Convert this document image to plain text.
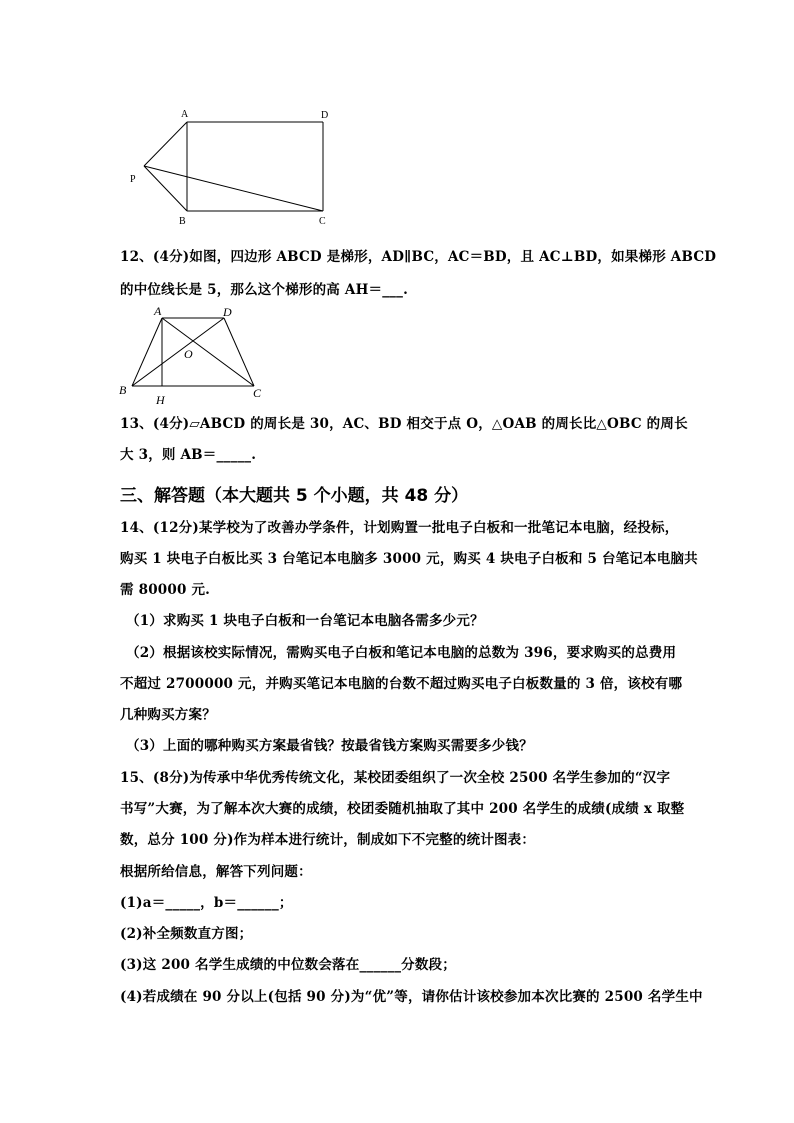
A	D
P
B	C
12、(4分)如图，四边形 ABCD 是梯形，AD∥BC，AC＝BD，且 AC⊥BD，如果梯形 ABCD
的中位线长是 5，那么这个梯形的高 AH＝___.
A	D
O
B
H	C
13、(4分)▱ABCD 的周长是 30，AC、BD 相交于点 O，△OAB 的周长比△OBC 的周长
大 3，则 AB＝_____.
三、解答题（本大题共 5 个小题，共 48 分）
14、(12分)某学校为了改善办学条件，计划购置一批电子白板和一批笔记本电脑，经投标，
购买 1 块电子白板比买 3 台笔记本电脑多 3000 元，购买 4 块电子白板和 5 台笔记本电脑共
需 80000 元.
（1）求购买 1 块电子白板和一台笔记本电脑各需多少元？
（2）根据该校实际情况，需购买电子白板和笔记本电脑的总数为 396，要求购买的总费用
不超过 2700000 元，并购买笔记本电脑的台数不超过购买电子白板数量的 3 倍，该校有哪
几种购买方案？
（3）上面的哪种购买方案最省钱？按最省钱方案购买需要多少钱？
15、(8分)为传承中华优秀传统文化，某校团委组织了一次全校 2500 名学生参加的“汉字
书写”大赛，为了解本次大赛的成绩，校团委随机抽取了其中 200 名学生的成绩(成绩 x 取整
数，总分 100 分)作为样本进行统计，制成如下不完整的统计图表：
根据所给信息，解答下列问题：
(1)a＝_____，b＝______；
(2)补全频数直方图；
(3)这 200 名学生成绩的中位数会落在______分数段；
(4)若成绩在 90 分以上(包括 90 分)为“优”等，请你估计该校参加本次比赛的 2500 名学生中
